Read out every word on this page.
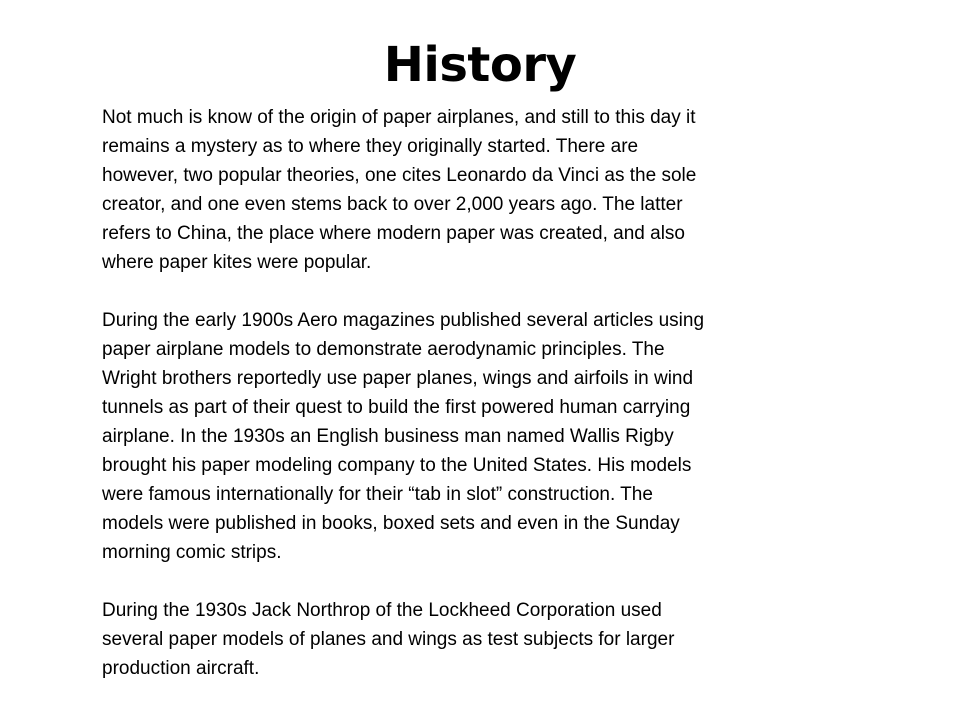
History

Not much is know of the origin of paper airplanes, and still to this day it

remains a mystery as to where they originally started. There are

however, two popular theories, one cites Leonardo da Vinci as the sole

creator, and one even stems back to over 2,000 years ago. The latter

refers to China, the place where modern paper was created, and also

where paper kites were popular.

During the early 1900s Aero magazines published several articles using

paper airplane models to demonstrate aerodynamic principles. The

Wright brothers reportedly use paper planes, wings and airfoils in wind

tunnels as part of their quest to build the first powered human carrying

airplane. In the 1930s an English business man named Wallis Rigby

brought his paper modeling company to the United States. His models

were famous internationally for their “tab in slot” construction. The

models were published in books, boxed sets and even in the Sunday

morning comic strips.

During the 1930s Jack Northrop of the Lockheed Corporation used

several paper models of planes and wings as test subjects for larger

production aircraft.
